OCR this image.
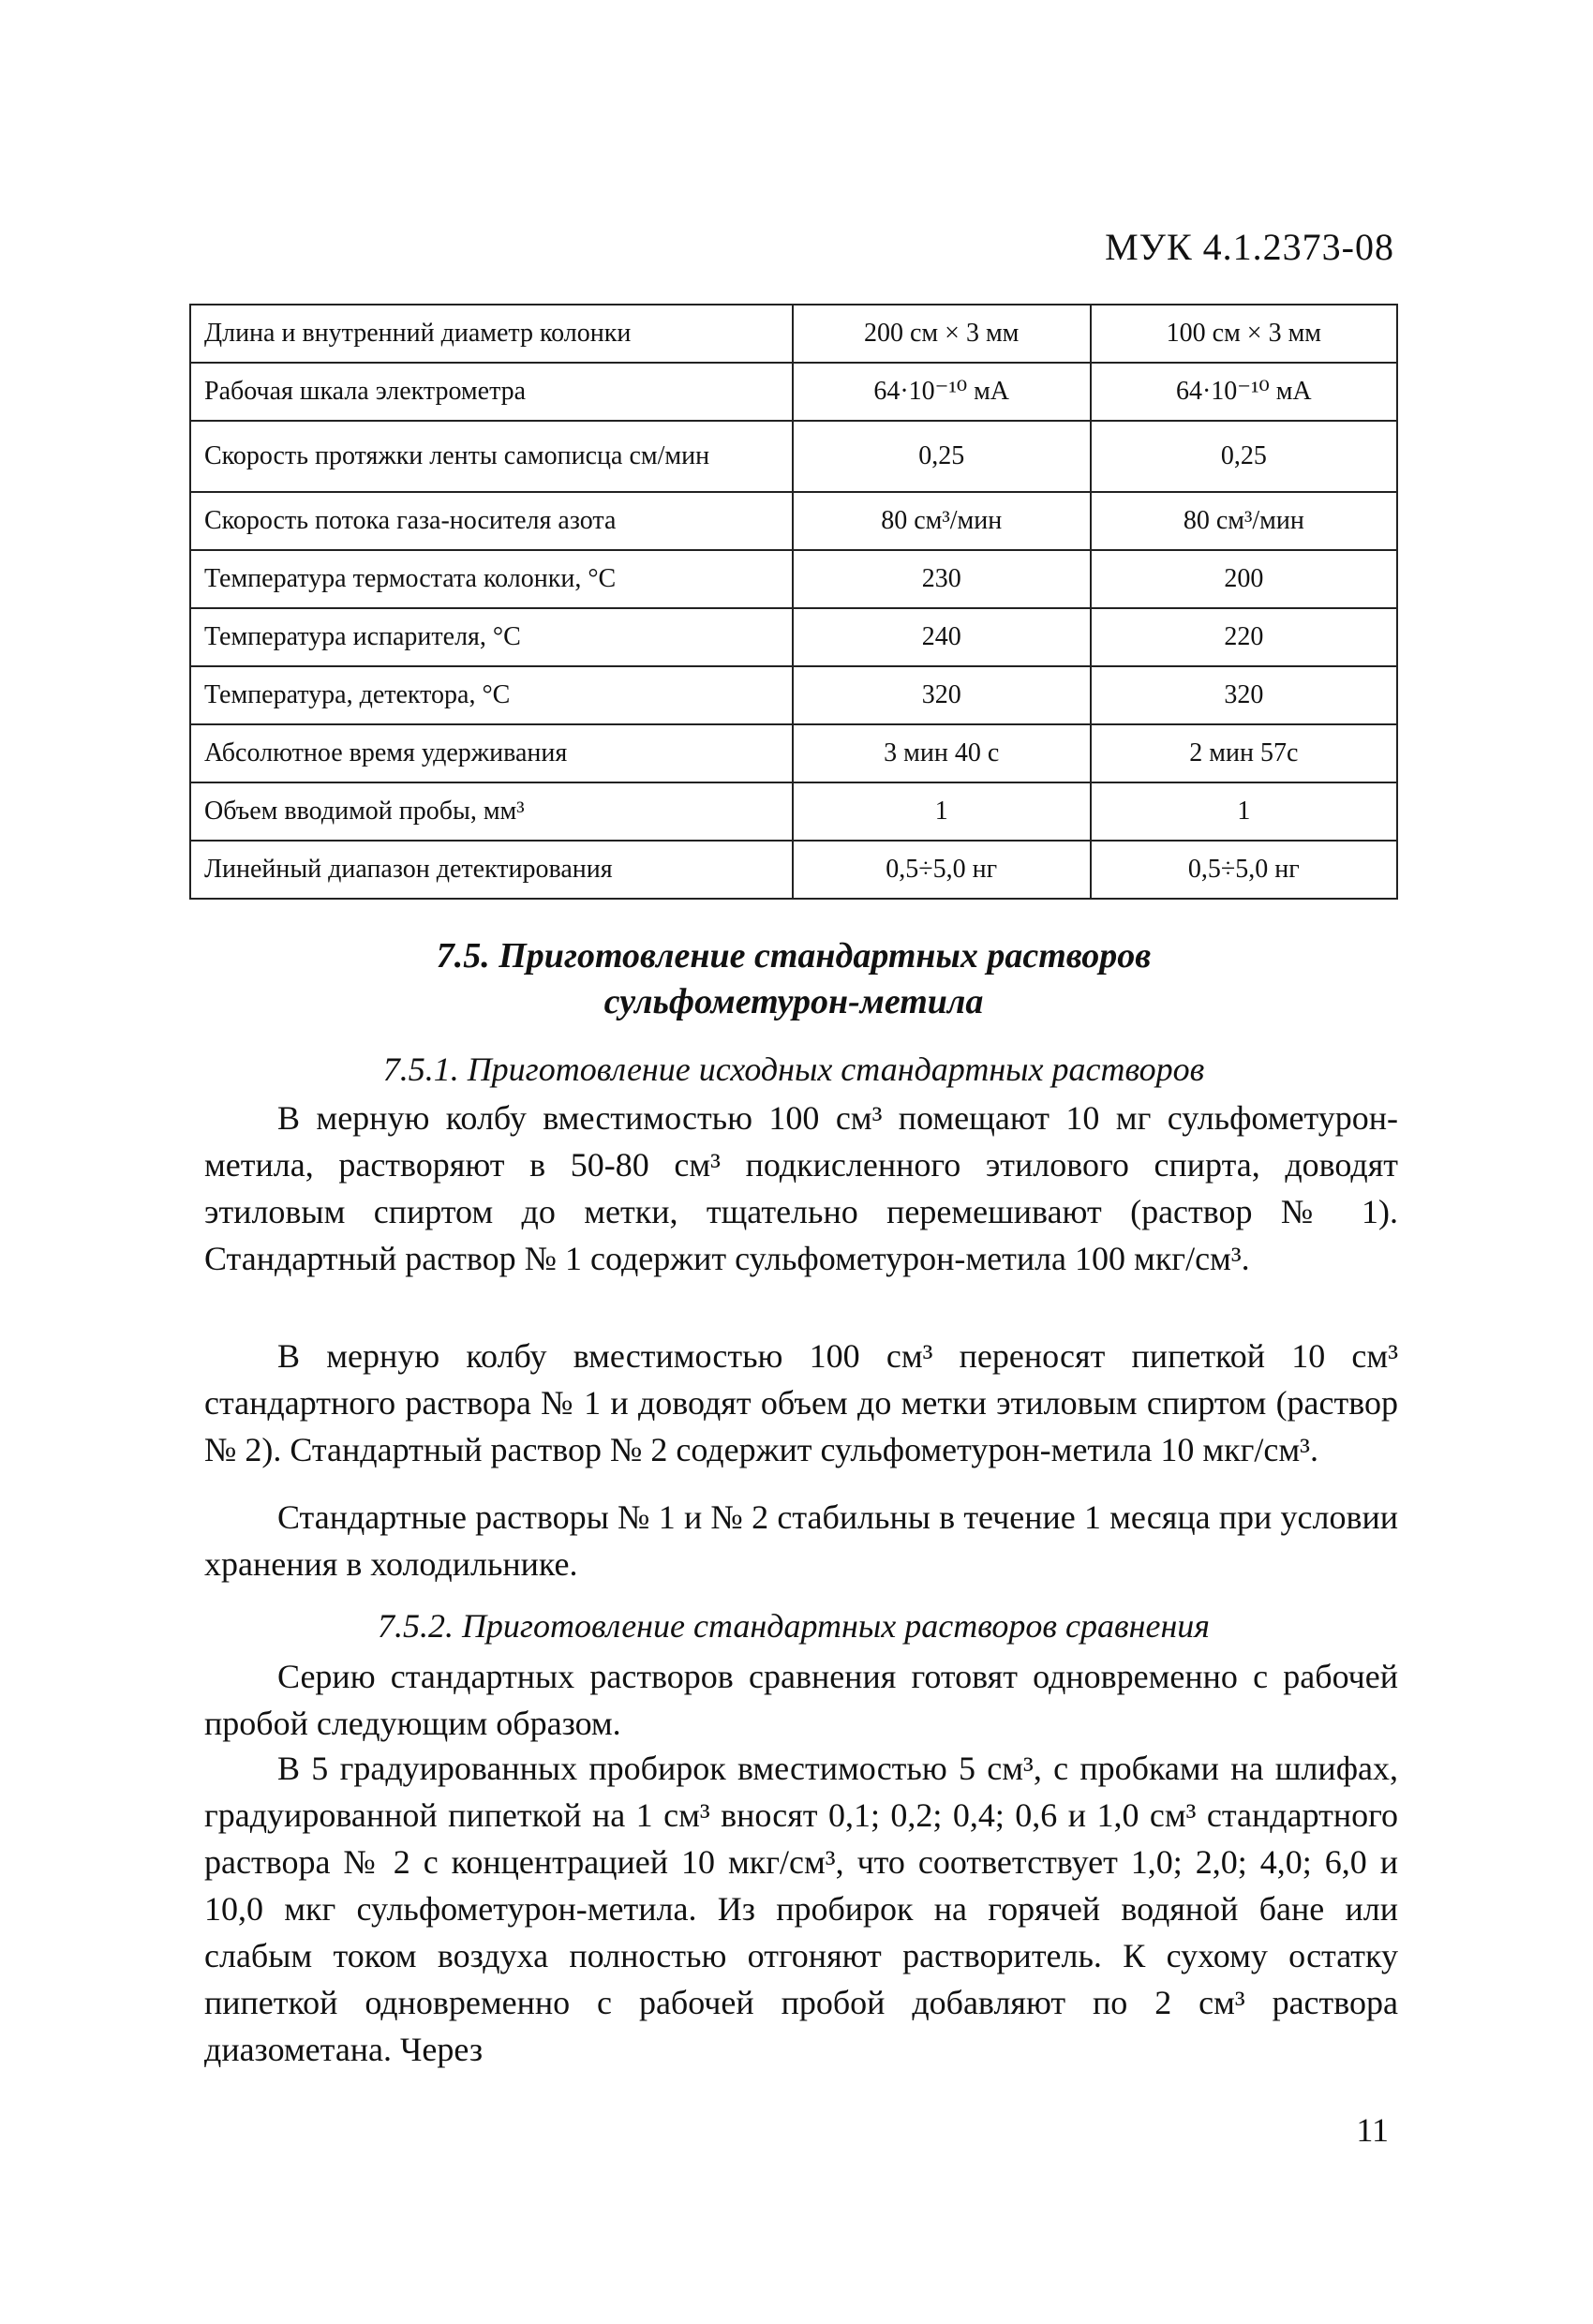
МУК 4.1.2373-08
Длина и внутренний диаметр колонки	200 см × 3 мм	100 см × 3 мм
Рабочая шкала электрометра	64·10⁻¹⁰ мА	64·10⁻¹⁰ мА
Скорость протяжки ленты самописца см/мин	0,25	0,25
Скорость потока газа-носителя азота	80 см³/мин	80 см³/мин
Температура термостата колонки, °С	230	200
Температура испарителя, °С	240	220
Температура, детектора, °С	320	320
Абсолютное время удерживания	3 мин 40 с	2 мин 57с
Объем вводимой пробы, мм³	1	1
Линейный диапазон детектирования	0,5÷5,0 нг	0,5÷5,0 нг
7.5. Приготовление стандартных растворов
сульфометурон-метила
7.5.1. Приготовление исходных стандартных растворов

В мерную колбу вместимостью 100 см³ помещают 10 мг сульфометурон-метила, растворяют в 50-80 см³ подкисленного этилового спирта, доводят этиловым спиртом до метки, тщательно перемешивают (раствор № 1). Стандартный раствор № 1 содержит сульфометурон-метила 100 мкг/см³.

В мерную колбу вместимостью 100 см³ переносят пипеткой 10 см³ стандартного раствора № 1 и доводят объем до метки этиловым спиртом (раствор № 2). Стандартный раствор № 2 содержит сульфометурон-метила 10 мкг/см³.

Стандартные растворы № 1 и № 2 стабильны в течение 1 месяца при условии хранения в холодильнике.

7.5.2. Приготовление стандартных растворов сравнения

Серию стандартных растворов сравнения готовят одновременно с рабочей пробой следующим образом.

В 5 градуированных пробирок вместимостью 5 см³, с пробками на шлифах, градуированной пипеткой на 1 см³ вносят 0,1; 0,2; 0,4; 0,6 и 1,0 см³ стандартного раствора № 2 с концентрацией 10 мкг/см³, что соответствует 1,0; 2,0; 4,0; 6,0 и 10,0 мкг сульфометурон-метила. Из пробирок на горячей водяной бане или слабым током воздуха полностью отгоняют растворитель. К сухому остатку пипеткой одновременно с рабочей пробой добавляют по 2 см³ раствора диазометана. Через

11
